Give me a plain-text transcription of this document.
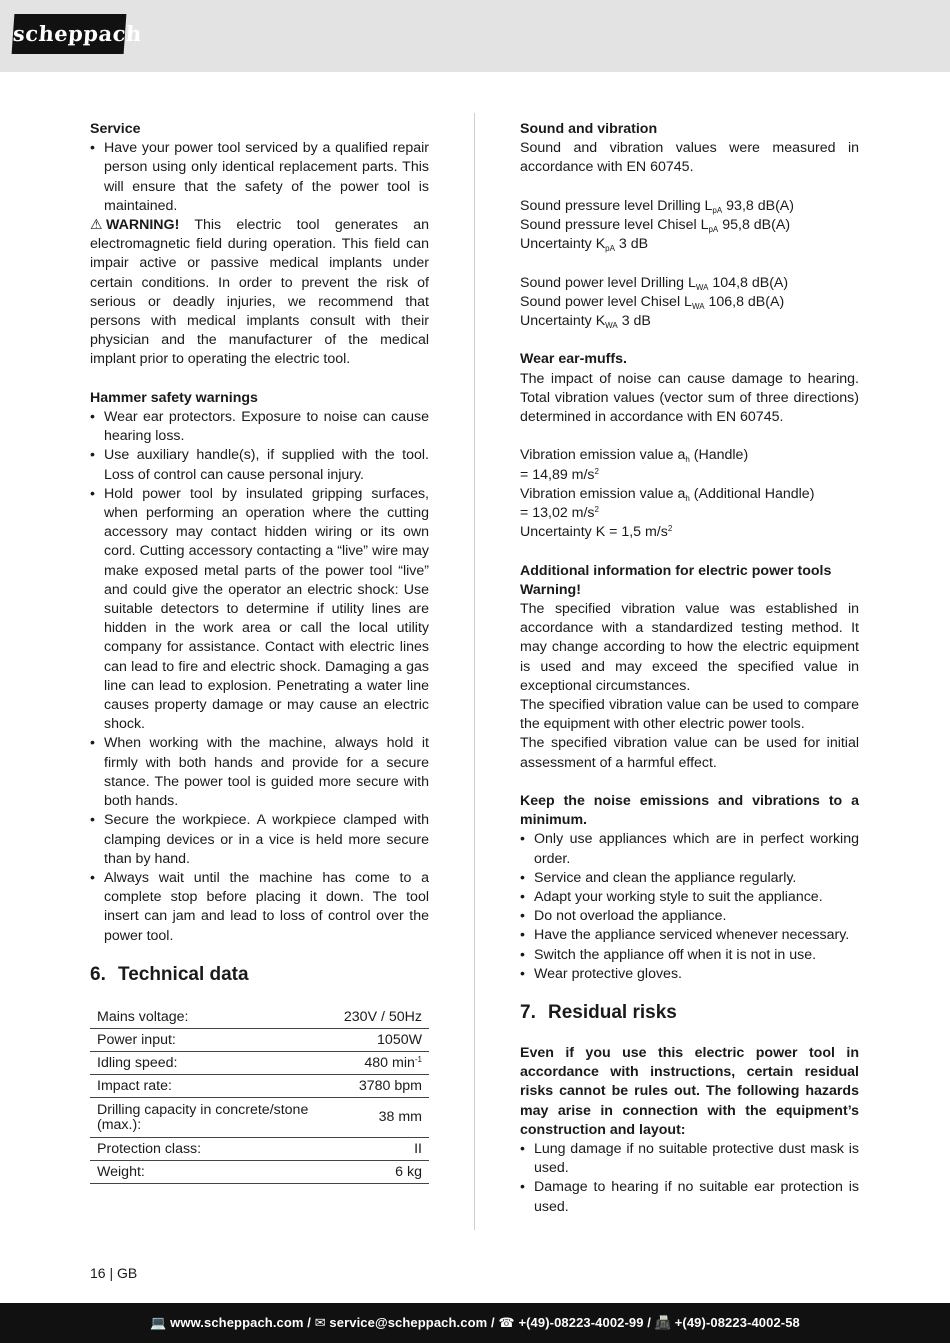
scheppach

Service

• Have your power tool serviced by a qualified repair person using only identical replacement parts. This will ensure that the safety of the power tool is maintained.

⚠ WARNING! This electric tool generates an electromagnetic field during operation. This field can impair active or passive medical implants under certain conditions. In order to prevent the risk of serious or deadly injuries, we recommend that persons with medical implants consult with their physician and the manufacturer of the medical implant prior to operating the electric tool.

Hammer safety warnings

• Wear ear protectors. Exposure to noise can cause hearing loss.
• Use auxiliary handle(s), if supplied with the tool. Loss of control can cause personal injury.
• Hold power tool by insulated gripping surfaces, when performing an operation where the cutting accessory may contact hidden wiring or its own cord. Cutting accessory contacting a “live” wire may make exposed metal parts of the power tool “live” and could give the operator an electric shock: Use suitable detectors to determine if utility lines are hidden in the work area or call the local utility company for assistance. Contact with electric lines can lead to fire and electric shock. Damaging a gas line can lead to explosion. Penetrating a water line causes property damage or may cause an electric shock.
• When working with the machine, always hold it firmly with both hands and provide for a secure stance. The power tool is guided more secure with both hands.
• Secure the workpiece. A workpiece clamped with clamping devices or in a vice is held more secure than by hand.
• Always wait until the machine has come to a complete stop before placing it down. The tool insert can jam and lead to loss of control over the power tool.
6. Technical data
Mains voltage:	230V / 50Hz
Power input:	1050W
Idling speed:	480 $\min^{-1}$
Impact rate:	3780 bpm
Drilling capacity in concrete/stone (max.):	38 mm
Protection class:	II
Weight:	6 kg

Sound and vibration

Sound and vibration values were measured in accordance with EN 60745.

Sound pressure level Drilling $L_{pA}$ 93,8 dB(A)

Sound pressure level Chisel $L_{pA}$ 95,8 dB(A)

Uncertainty $K_{pA}$ 3 dB

Sound power level Drilling $L_{WA}$ 104,8 dB(A)

Sound power level Chisel $L_{WA}$ 106,8 dB(A)

Uncertainty $K_{WA}$ 3 dB

Wear ear-muffs.

The impact of noise can cause damage to hearing. Total vibration values (vector sum of three directions) determined in accordance with EN 60745.

Vibration emission value $a_h$ (Handle)

= 14,89 $m/s^2$

Vibration emission value $a_h$ (Additional Handle)

= 13,02 $m/s^2$

Uncertainty K = 1,5 $m/s^2$

Additional information for electric power tools

Warning!

The specified vibration value was established in accordance with a standardized testing method. It may change according to how the electric equipment is used and may exceed the specified value in exceptional circumstances.

The specified vibration value can be used to compare the equipment with other electric power tools.

The specified vibration value can be used for initial assessment of a harmful effect.

Keep the noise emissions and vibrations to a minimum.

• Only use appliances which are in perfect working order.
• Service and clean the appliance regularly.
• Adapt your working style to suit the appliance.
• Do not overload the appliance.
• Have the appliance serviced whenever necessary.
• Switch the appliance off when it is not in use.
• Wear protective gloves.
7. Residual risks

Even if you use this electric power tool in accordance with instructions, certain residual risks cannot be rules out. The following hazards may arise in connection with the equipment’s construction and layout:

• Lung damage if no suitable protective dust mask is used.
• Damage to hearing if no suitable ear protection is used.
16 | GB
💻 www.scheppach.com / ✉ service@scheppach.com / ☎ +(49)-08223-4002-99 / 📠 +(49)-08223-4002-58
